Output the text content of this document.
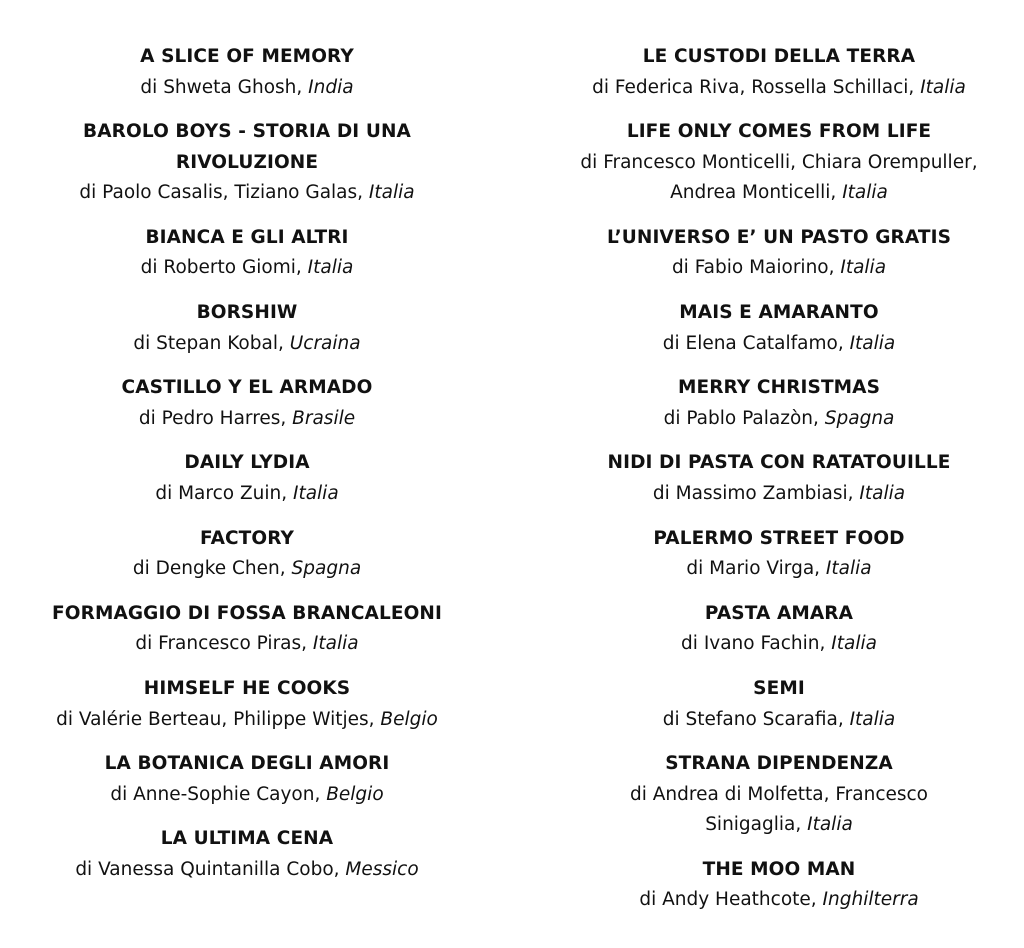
A SLICE OF MEMORY
di Shweta Ghosh, India
BAROLO BOYS - STORIA DI UNA RIVOLUZIONE
di Paolo Casalis, Tiziano Galas, Italia
BIANCA E GLI ALTRI
di Roberto Giomi, Italia
BORSHIW
di Stepan Kobal, Ucraina
CASTILLO Y EL ARMADO
di Pedro Harres, Brasile
DAILY LYDIA
di Marco Zuin, Italia
FACTORY
di Dengke Chen, Spagna
FORMAGGIO DI FOSSA BRANCALEONI
di Francesco Piras, Italia
HIMSELF HE COOKS
di Valérie Berteau, Philippe Witjes, Belgio
LA BOTANICA DEGLI AMORI
di Anne-Sophie Cayon, Belgio
LA ULTIMA CENA
di Vanessa Quintanilla Cobo, Messico
LE CUSTODI DELLA TERRA
di Federica Riva, Rossella Schillaci, Italia
LIFE ONLY COMES FROM LIFE
di Francesco Monticelli, Chiara Orempuller, Andrea Monticelli, Italia
L’UNIVERSO E’ UN PASTO GRATIS
di Fabio Maiorino, Italia
MAIS E AMARANTO
di Elena Catalfamo, Italia
MERRY CHRISTMAS
di Pablo Palazòn, Spagna
NIDI DI PASTA CON RATATOUILLE
di Massimo Zambiasi, Italia
PALERMO STREET FOOD
di Mario Virga, Italia
PASTA AMARA
di Ivano Fachin, Italia
SEMI
di Stefano Scarafia, Italia
STRANA DIPENDENZA
di Andrea di Molfetta, Francesco Sinigaglia, Italia
THE MOO MAN
di Andy Heathcote, Inghilterra
